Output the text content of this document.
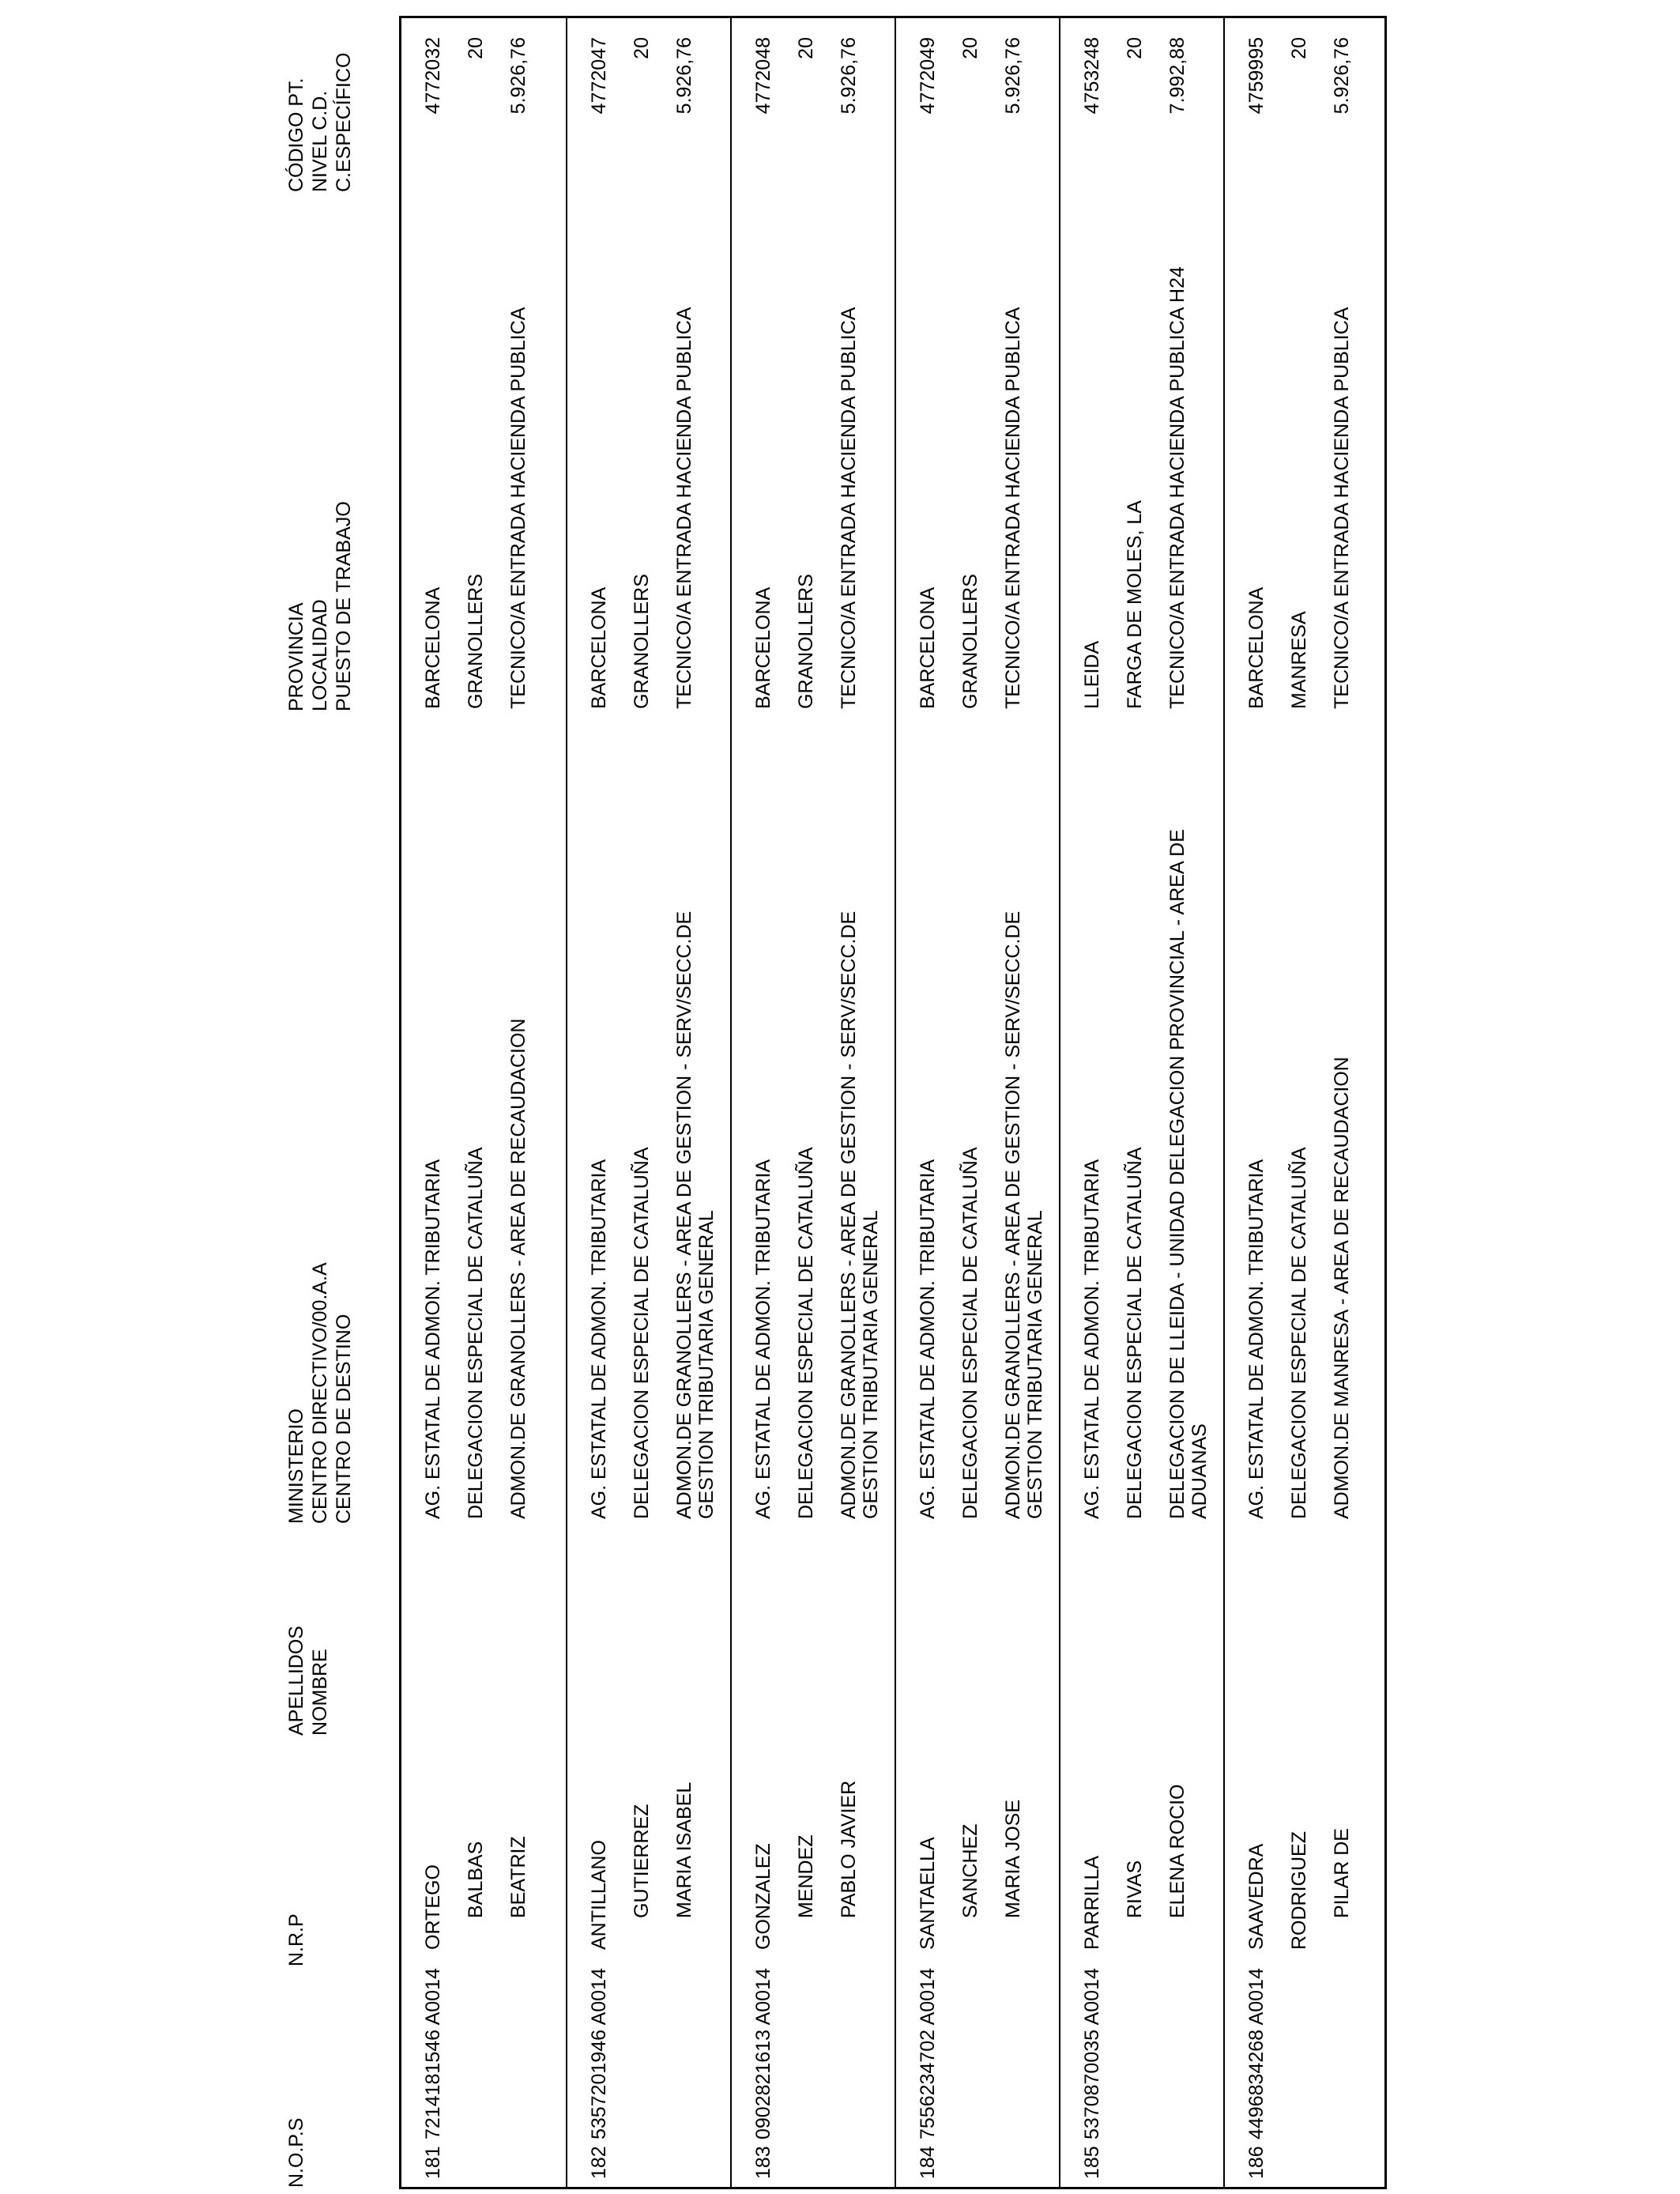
N.O.P.S
N.R.P
APELLIDOS NOMBRE
MINISTERIO CENTRO DIRECTIVO/00.A.A CENTRO DE DESTINO
PROVINCIA LOCALIDAD PUESTO DE TRABAJO
CÓDIGO PT. NIVEL C.D. C.ESPECÍFICO
181
7214181546 A0014
ORTEGO BALBAS BEATRIZ
AG. ESTATAL DE ADMON. TRIBUTARIA DELEGACION ESPECIAL DE CATALUÑA ADMON.DE GRANOLLERS - AREA DE RECAUDACION
BARCELONA GRANOLLERS TECNICO/A ENTRADA HACIENDA PUBLICA
4772032 20 5.926,76
182
5357201946 A0014
ANTILLANO GUTIERREZ MARIA ISABEL
AG. ESTATAL DE ADMON. TRIBUTARIA DELEGACION ESPECIAL DE CATALUÑA ADMON.DE GRANOLLERS - AREA DE GESTION - SERV/SECC.DE GESTION TRIBUTARIA GENERAL
BARCELONA GRANOLLERS TECNICO/A ENTRADA HACIENDA PUBLICA
4772047 20 5.926,76
183
0902821613 A0014
GONZALEZ MENDEZ PABLO JAVIER
AG. ESTATAL DE ADMON. TRIBUTARIA DELEGACION ESPECIAL DE CATALUÑA ADMON.DE GRANOLLERS - AREA DE GESTION - SERV/SECC.DE GESTION TRIBUTARIA GENERAL
BARCELONA GRANOLLERS TECNICO/A ENTRADA HACIENDA PUBLICA
4772048 20 5.926,76
184
7556234702 A0014
SANTAELLA SANCHEZ MARIA JOSE
AG. ESTATAL DE ADMON. TRIBUTARIA DELEGACION ESPECIAL DE CATALUÑA ADMON.DE GRANOLLERS - AREA DE GESTION - SERV/SECC.DE GESTION TRIBUTARIA GENERAL
BARCELONA GRANOLLERS TECNICO/A ENTRADA HACIENDA PUBLICA
4772049 20 5.926,76
185
5370870035 A0014
PARRILLA RIVAS ELENA ROCIO
AG. ESTATAL DE ADMON. TRIBUTARIA DELEGACION ESPECIAL DE CATALUÑA DELEGACION DE LLEIDA - UNIDAD DELEGACION PROVINCIAL - AREA DE ADUANAS
LLEIDA FARGA DE MOLES, LA TECNICO/A ENTRADA HACIENDA PUBLICA H24
4753248 20 7.992,88
186
4496834268 A0014
SAAVEDRA RODRIGUEZ PILAR DE
AG. ESTATAL DE ADMON. TRIBUTARIA DELEGACION ESPECIAL DE CATALUÑA ADMON.DE MANRESA - AREA DE RECAUDACION
BARCELONA MANRESA TECNICO/A ENTRADA HACIENDA PUBLICA
4759995 20 5.926,76
